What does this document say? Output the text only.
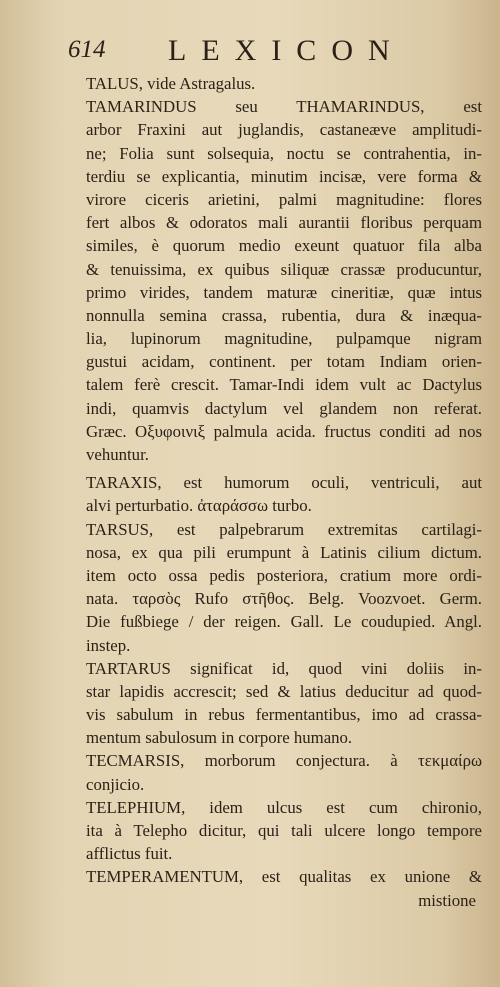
614 LEXICON
TALUS, vide Astragalus.
TAMARINDUS seu THAMARINDUS, est
arbor Fraxini aut juglandis, castaneæve amplitudi-
ne; Folia sunt solsequia, noctu se contrahentia, in-
terdiu se explicantia, minutim incisæ, vere forma &
virore ciceris arietini, palmi magnitudine: flores
fert albos & odoratos mali aurantii floribus perquam
similes, è quorum medio exeunt quatuor fila alba
& tenuissima, ex quibus siliquæ crassæ producuntur,
primo virides, tandem maturæ cineritiæ, quæ intus
nonnulla semina crassa, rubentia, dura & inæqua-
lia, lupinorum magnitudine, pulpamque nigram
gustui acidam, continent. per totam Indiam orien-
talem ferè crescit. Tamar-Indi idem vult ac Dactylus
indi, quamvis dactylum vel glandem non referat.
Græc. Οξυφοινιξ palmula acida. fructus conditi ad nos
vehuntur.
TARAXIS, est humorum oculi, ventriculi, aut
alvi perturbatio. ἀταράσσω turbo.
TARSUS, est palpebrarum extremitas cartilagi-
nosa, ex qua pili erumpunt à Latinis cilium dictum.
item octo ossa pedis posteriora, cratium more ordi-
nata. ταρσὸς Rufo στῆθος. Belg. Voozvoet. Germ.
Die fußbiege / der reigen. Gall. Le coudupied. Angl.
instep.
TARTARUS significat id, quod vini doliis in-
star lapidis accrescit; sed & latius deducitur ad quod-
vis sabulum in rebus fermentantibus, imo ad crassa-
mentum sabulosum in corpore humano.
TECMARSIS, morborum conjectura. à τεκμαίρω
conjicio.
TELEPHIUM, idem ulcus est cum chironio,
ita à Telepho dicitur, qui tali ulcere longo tempore
afflictus fuit.
TEMPERAMENTUM, est qualitas ex unione &
mistione
